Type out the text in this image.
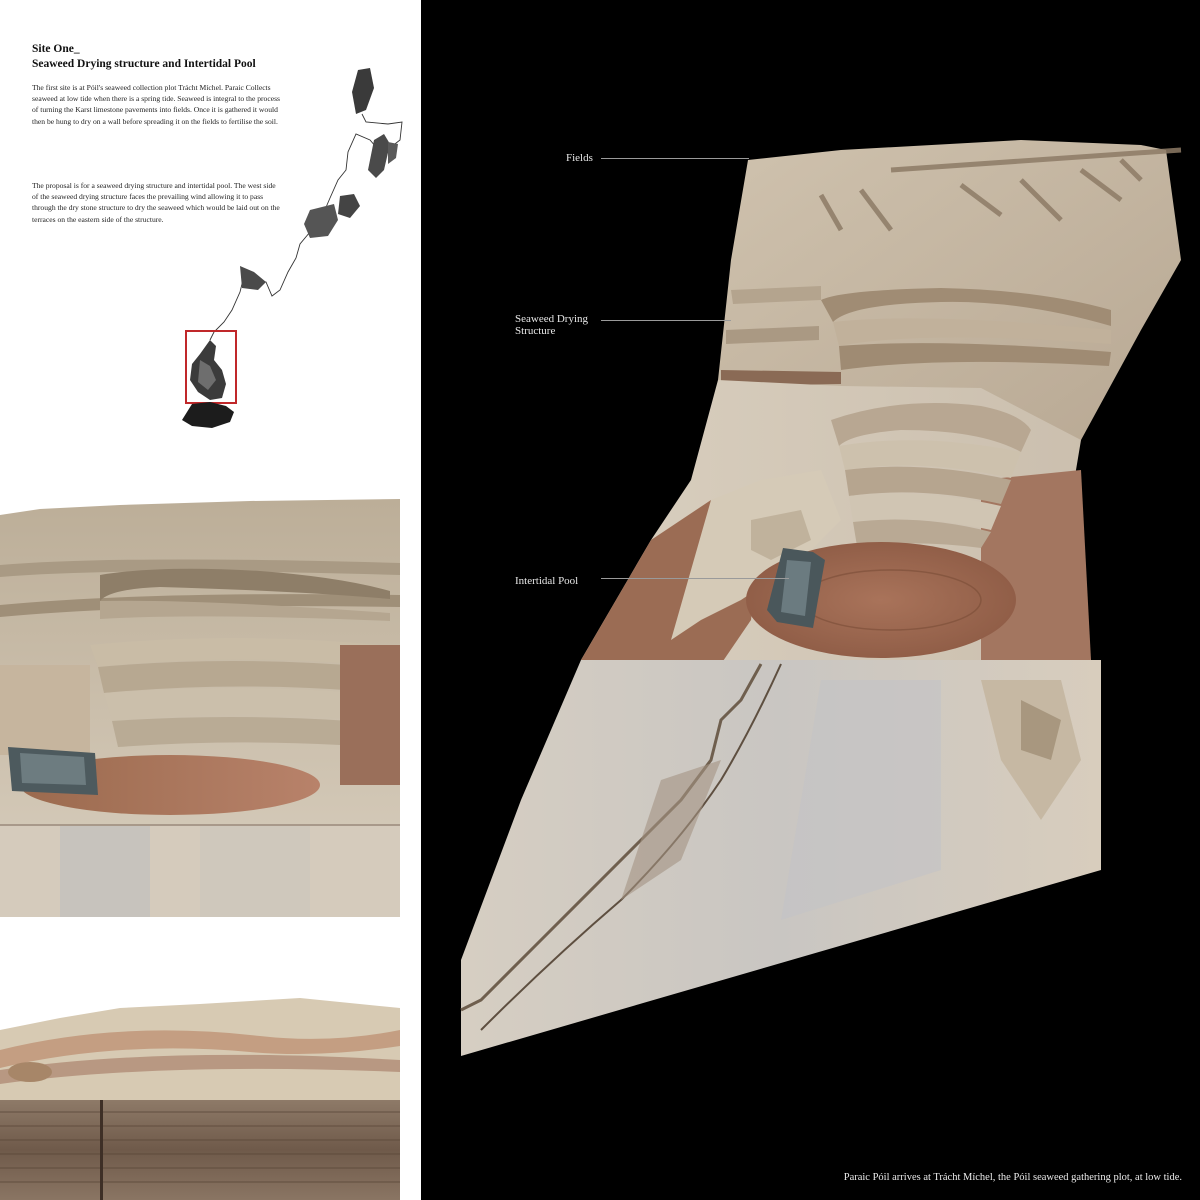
Site One_
Seaweed Drying structure and Intertidal Pool

The first site is at Póil's seaweed collection plot Trácht Míchel. Paraic Collects seaweed at low tide when there is a spring tide. Seaweed is integral to the process of turning the Karst limestone pavements into fields. Once it is gathered it would then be hung to dry on a wall before spreading it on the fields to fertilise the soil.

The proposal is for a seaweed drying structure and intertidal pool. The west side of the seaweed drying structure faces the prevailing wind allowing it to pass through the dry stone structure to dry the seaweed which would be laid out on the terraces on the eastern side of the structure.

Fields
Seaweed Drying Structure
Intertidal Pool
Paraic Póil arrives at Trácht Míchel, the Póil seaweed gathering plot, at low tide.
